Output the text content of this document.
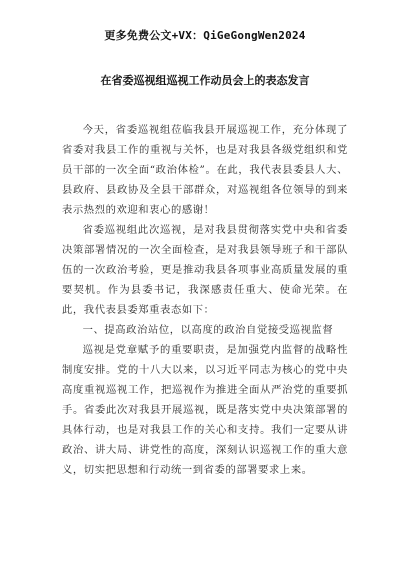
更多免费公文+VX：QiGeGongWen2024
在省委巡视组巡视工作动员会上的表态发言

今天，省委巡视组莅临我县开展巡视工作，充分体现了省委对我县工作的重视与关怀，也是对我县各级党组织和党员干部的一次全面“政治体检”。在此，我代表县委县人大、县政府、县政协及全县干部群众，对巡视组各位领导的到来表示热烈的欢迎和衷心的感谢！

省委巡视组此次巡视，是对我县贯彻落实党中央和省委决策部署情况的一次全面检查，是对我县领导班子和干部队伍的一次政治考验，更是推动我县各项事业高质量发展的重要契机。作为县委书记，我深感责任重大、使命光荣。在此，我代表县委郑重表态如下：

一、提高政治站位，以高度的政治自觉接受巡视监督

巡视是党章赋予的重要职责，是加强党内监督的战略性制度安排。党的十八大以来，以习近平同志为核心的党中央高度重视巡视工作，把巡视作为推进全面从严治党的重要抓手。省委此次对我县开展巡视，既是落实党中央决策部署的具体行动，也是对我县工作的关心和支持。我们一定要从讲政治、讲大局、讲党性的高度，深刻认识巡视工作的重大意义，切实把思想和行动统一到省委的部署要求上来。
